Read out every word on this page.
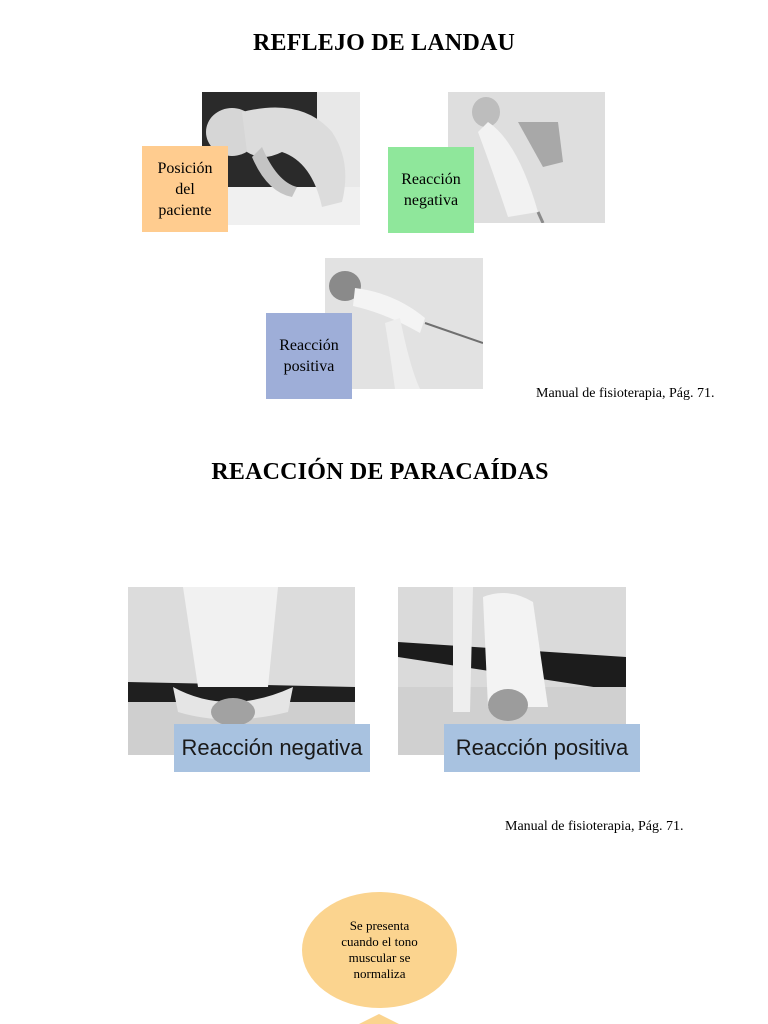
REFLEJO DE LANDAU
Posición
del
paciente
Reacción
negativa
Reacción
positiva
Manual de fisioterapia, Pág. 71.
REACCIÓN DE PARACAÍDAS
Reacción negativa	Reacción positiva
Manual de fisioterapia, Pág. 71.
Se presenta
cuando el tono
muscular se
normaliza
